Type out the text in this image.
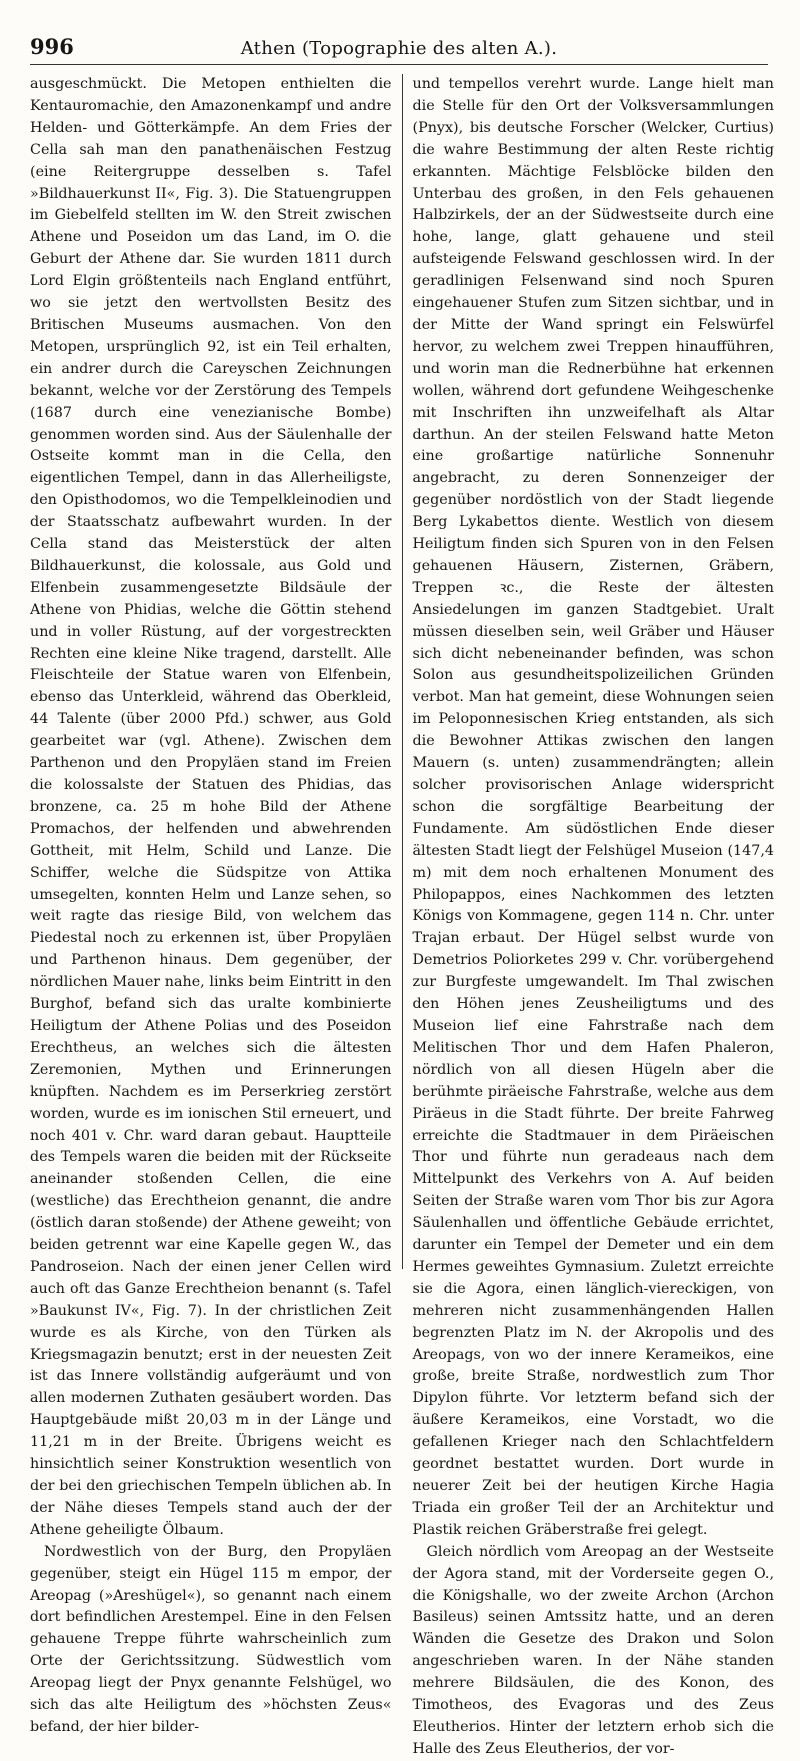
996	Athen (Topographie des alten A.).

ausgeschmückt. Die Metopen enthielten die Kentauromachie, den Amazonenkampf und andre Helden- und Götterkämpfe. An dem Fries der Cella sah man den panathenäischen Festzug (eine Reitergruppe desselben s. Tafel »Bildhauerkunst II«, Fig. 3). Die Statuengruppen im Giebelfeld stellten im W. den Streit zwischen Athene und Poseidon um das Land, im O. die Geburt der Athene dar. Sie wurden 1811 durch Lord Elgin größtenteils nach England entführt, wo sie jetzt den wertvollsten Besitz des Britischen Museums ausmachen. Von den Metopen, ursprünglich 92, ist ein Teil erhalten, ein andrer durch die Careyschen Zeichnungen bekannt, welche vor der Zerstörung des Tempels (1687 durch eine venezianische Bombe) genommen worden sind. Aus der Säulenhalle der Ostseite kommt man in die Cella, den eigentlichen Tempel, dann in das Allerheiligste, den Opisthodomos, wo die Tempelkleinodien und der Staatsschatz aufbewahrt wurden. In der Cella stand das Meisterstück der alten Bildhauerkunst, die kolossale, aus Gold und Elfenbein zusammengesetzte Bildsäule der Athene von Phidias, welche die Göttin stehend und in voller Rüstung, auf der vorgestreckten Rechten eine kleine Nike tragend, darstellt. Alle Fleischteile der Statue waren von Elfenbein, ebenso das Unterkleid, während das Oberkleid, 44 Talente (über 2000 Pfd.) schwer, aus Gold gearbeitet war (vgl. Athene). Zwischen dem Parthenon und den Propyläen stand im Freien die kolossalste der Statuen des Phidias, das bronzene, ca. 25 m hohe Bild der Athene Promachos, der helfenden und abwehrenden Gottheit, mit Helm, Schild und Lanze. Die Schiffer, welche die Südspitze von Attika umsegelten, konnten Helm und Lanze sehen, so weit ragte das riesige Bild, von welchem das Piedestal noch zu erkennen ist, über Propyläen und Parthenon hinaus. Dem gegenüber, der nördlichen Mauer nahe, links beim Eintritt in den Burghof, befand sich das uralte kombinierte Heiligtum der Athene Polias und des Poseidon Erechtheus, an welches sich die ältesten Zeremonien, Mythen und Erinnerungen knüpften. Nachdem es im Perserkrieg zerstört worden, wurde es im ionischen Stil erneuert, und noch 401 v. Chr. ward daran gebaut. Hauptteile des Tempels waren die beiden mit der Rückseite aneinander stoßenden Cellen, die eine (westliche) das Erechtheion genannt, die andre (östlich daran stoßende) der Athene geweiht; von beiden getrennt war eine Kapelle gegen W., das Pandroseion. Nach der einen jener Cellen wird auch oft das Ganze Erechtheion benannt (s. Tafel »Baukunst IV«, Fig. 7). In der christlichen Zeit wurde es als Kirche, von den Türken als Kriegsmagazin benutzt; erst in der neuesten Zeit ist das Innere vollständig aufgeräumt und von allen modernen Zuthaten gesäubert worden. Das Hauptgebäude mißt 20,03 m in der Länge und 11,21 m in der Breite. Übrigens weicht es hinsichtlich seiner Konstruktion wesentlich von der bei den griechischen Tempeln üblichen ab. In der Nähe dieses Tempels stand auch der der Athene geheiligte Ölbaum.

Nordwestlich von der Burg, den Propyläen gegenüber, steigt ein Hügel 115 m empor, der Areopag (»Areshügel«), so genannt nach einem dort befindlichen Arestempel. Eine in den Felsen gehauene Treppe führte wahrscheinlich zum Orte der Gerichtssitzung. Südwestlich vom Areopag liegt der Pnyx genannte Felshügel, wo sich das alte Heiligtum des »höchsten Zeus« befand, der hier bilder-

und tempellos verehrt wurde. Lange hielt man die Stelle für den Ort der Volksversammlungen (Pnyx), bis deutsche Forscher (Welcker, Curtius) die wahre Bestimmung der alten Reste richtig erkannten. Mächtige Felsblöcke bilden den Unterbau des großen, in den Fels gehauenen Halbzirkels, der an der Südwestseite durch eine hohe, lange, glatt gehauene und steil aufsteigende Felswand geschlossen wird. In der geradlinigen Felsenwand sind noch Spuren eingehauener Stufen zum Sitzen sichtbar, und in der Mitte der Wand springt ein Felswürfel hervor, zu welchem zwei Treppen hinaufführen, und worin man die Rednerbühne hat erkennen wollen, während dort gefundene Weihgeschenke mit Inschriften ihn unzweifelhaft als Altar darthun. An der steilen Felswand hatte Meton eine großartige natürliche Sonnenuhr angebracht, zu deren Sonnenzeiger der gegenüber nordöstlich von der Stadt liegende Berg Lykabettos diente. Westlich von diesem Heiligtum finden sich Spuren von in den Felsen gehauenen Häusern, Zisternen, Gräbern, Treppen ꝛc., die Reste der ältesten Ansiedelungen im ganzen Stadtgebiet. Uralt müssen dieselben sein, weil Gräber und Häuser sich dicht nebeneinander befinden, was schon Solon aus gesundheitspolizeilichen Gründen verbot. Man hat gemeint, diese Wohnungen seien im Peloponnesischen Krieg entstanden, als sich die Bewohner Attikas zwischen den langen Mauern (s. unten) zusammendrängten; allein solcher provisorischen Anlage widerspricht schon die sorgfältige Bearbeitung der Fundamente. Am südöstlichen Ende dieser ältesten Stadt liegt der Felshügel Museion (147,4 m) mit dem noch erhaltenen Monument des Philopappos, eines Nachkommen des letzten Königs von Kommagene, gegen 114 n. Chr. unter Trajan erbaut. Der Hügel selbst wurde von Demetrios Poliorketes 299 v. Chr. vorübergehend zur Burgfeste umgewandelt. Im Thal zwischen den Höhen jenes Zeusheiligtums und des Museion lief eine Fahrstraße nach dem Melitischen Thor und dem Hafen Phaleron, nördlich von all diesen Hügeln aber die berühmte piräeische Fahrstraße, welche aus dem Piräeus in die Stadt führte. Der breite Fahrweg erreichte die Stadtmauer in dem Piräeischen Thor und führte nun geradeaus nach dem Mittelpunkt des Verkehrs von A. Auf beiden Seiten der Straße waren vom Thor bis zur Agora Säulenhallen und öffentliche Gebäude errichtet, darunter ein Tempel der Demeter und ein dem Hermes geweihtes Gymnasium. Zuletzt erreichte sie die Agora, einen länglich-viereckigen, von mehreren nicht zusammenhängenden Hallen begrenzten Platz im N. der Akropolis und des Areopags, von wo der innere Kerameikos, eine große, breite Straße, nordwestlich zum Thor Dipylon führte. Vor letzterm befand sich der äußere Kerameikos, eine Vorstadt, wo die gefallenen Krieger nach den Schlachtfeldern geordnet bestattet wurden. Dort wurde in neuerer Zeit bei der heutigen Kirche Hagia Triada ein großer Teil der an Architektur und Plastik reichen Gräberstraße frei gelegt.

Gleich nördlich vom Areopag an der Westseite der Agora stand, mit der Vorderseite gegen O., die Königshalle, wo der zweite Archon (Archon Basileus) seinen Amtssitz hatte, und an deren Wänden die Gesetze des Drakon und Solon angeschrieben waren. In der Nähe standen mehrere Bildsäulen, die des Konon, des Timotheos, des Evagoras und des Zeus Eleutherios. Hinter der letztern erhob sich die Halle des Zeus Eleutherios, der vor-
